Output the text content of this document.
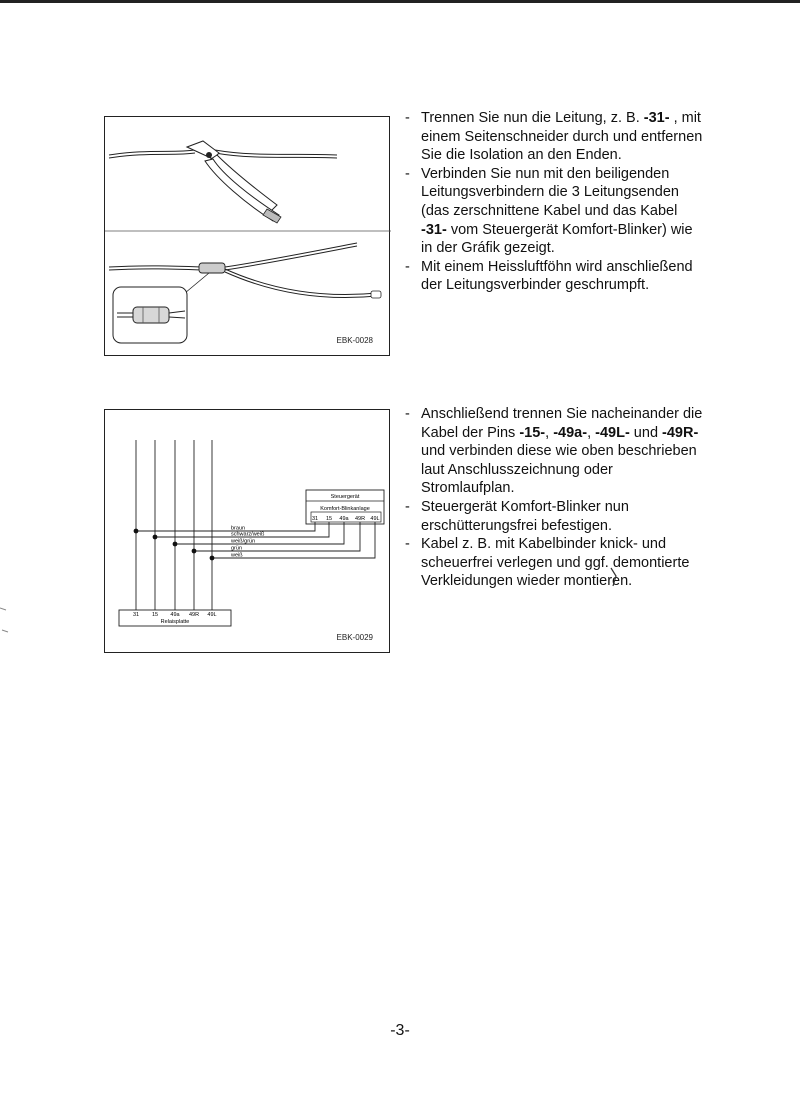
EBK-0028
- Trennen Sie nun die Leitung, z. B. -31- , mit einem Seitenschneider durch und entfernen Sie die Isolation an den Enden.
- Verbinden Sie nun mit den beiligenden Leitungsverbindern die 3 Leitungsenden (das zerschnittene Kabel und das Kabel -31- vom Steuergerät Komfort-Blinker) wie in der Gráfik gezeigt.
- Mit einem Heissluftföhn wird anschließend der Leitungsverbinder geschrumpft.
Steuergerät
Komfort-Blinkanlage
31 15 49a 49R 49L
braun
schwarz/weiß
weiß/grün
grün
weiß
31 15 49a 49R 49L
Relaisplatte
EBK-0029
- Anschließend trennen Sie nacheinander die Kabel der Pins -15-, -49a-, -49L- und -49R- und verbinden diese wie oben beschrieben laut Anschlusszeichnung oder Stromlaufplan.
- Steuergerät Komfort-Blinker nun erschütterungsfrei befestigen.
- Kabel z. B. mit Kabelbinder knick- und scheuerfrei verlegen und ggf. demontierte Verkleidungen wieder montieren.
-3-
